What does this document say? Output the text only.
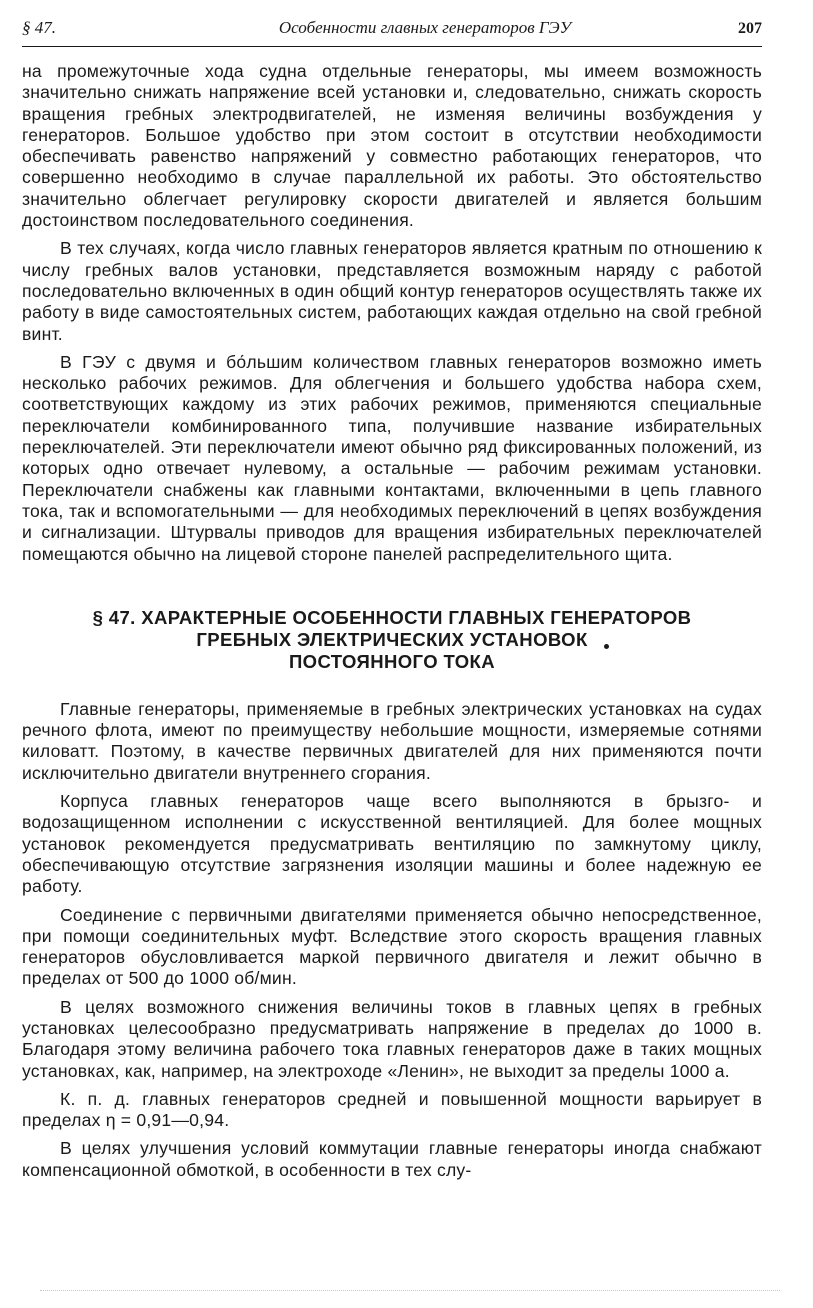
§ 47.	Особенности главных генераторов ГЭУ	207

на промежуточные хода судна отдельные генераторы, мы имеем возможность значительно снижать напряжение всей установки и, следовательно, снижать скорость вращения гребных электродвигателей, не изменяя величины возбуждения у генераторов. Большое удобство при этом состоит в отсутствии необходимости обеспечивать равенство напряжений у совместно работающих генераторов, что совершенно необходимо в случае параллельной их работы. Это обстоятельство значительно облегчает регулировку скорости двигателей и является большим достоинством последовательного соединения.

В тех случаях, когда число главных генераторов является кратным по отношению к числу гребных валов установки, представляется возможным наряду с работой последовательно включенных в один общий контур генераторов осуществлять также их работу в виде самостоятельных систем, работающих каждая отдельно на свой гребной винт.

В ГЭУ с двумя и бо́льшим количеством главных генераторов возможно иметь несколько рабочих режимов. Для облегчения и большего удобства набора схем, соответствующих каждому из этих рабочих режимов, применяются специальные переключатели комбинированного типа, получившие название избирательных переключателей. Эти переключатели имеют обычно ряд фиксированных положений, из которых одно отвечает нулевому, а остальные — рабочим режимам установки. Переключатели снабжены как главными контактами, включенными в цепь главного тока, так и вспомогательными — для необходимых переключений в цепях возбуждения и сигнализации. Штурвалы приводов для вращения избирательных переключателей помещаются обычно на лицевой стороне панелей распределительного щита.

§ 47. ХАРАКТЕРНЫЕ ОСОБЕННОСТИ ГЛАВНЫХ ГЕНЕРАТОРОВ
ГРЕБНЫХ ЭЛЕКТРИЧЕСКИХ УСТАНОВОК
ПОСТОЯННОГО ТОКА

Главные генераторы, применяемые в гребных электрических установках на судах речного флота, имеют по преимуществу небольшие мощности, измеряемые сотнями киловатт. Поэтому, в качестве первичных двигателей для них применяются почти исключительно двигатели внутреннего сгорания.

Корпуса главных генераторов чаще всего выполняются в брызго- и водозащищенном исполнении с искусственной вентиляцией. Для более мощных установок рекомендуется предусматривать вентиляцию по замкнутому циклу, обеспечивающую отсутствие загрязнения изоляции машины и более надежную ее работу.

Соединение с первичными двигателями применяется обычно непосредственное, при помощи соединительных муфт. Вследствие этого скорость вращения главных генераторов обусловливается маркой первичного двигателя и лежит обычно в пределах от 500 до 1000 об/мин.

В целях возможного снижения величины токов в главных цепях в гребных установках целесообразно предусматривать напряжение в пределах до 1000 в. Благодаря этому величина рабочего тока главных генераторов даже в таких мощных установках, как, например, на электроходе «Ленин», не выходит за пределы 1000 а.

К. п. д. главных генераторов средней и повышенной мощности варьирует в пределах η = 0,91—0,94.

В целях улучшения условий коммутации главные генераторы иногда снабжают компенсационной обмоткой, в особенности в тех слу-
